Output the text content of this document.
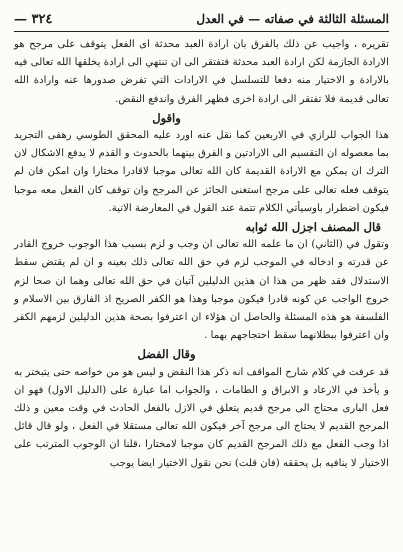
المسئلة الثالثة في صفاته — في العدل
٣٢٤ —

تقريره ، واجيب عن ذلك بالفرق بان ارادة العبد محدثة اى الفعل يتوقف على مرجح هو الارادة الجازمة لكن ارادة العبد محدثة فتفتقر الى ان تنتهي الى ارادة يخلقها الله تعالى فيه بالارادة و الاختيار منه دفعا للتسلسل في الارادات التي تفرض صدورها عنه وارادة الله تعالى قديمة فلا تفتقر الى ارادة اخرى فظهر الفرق واندفع النقض.

واقول

هذا الجواب للرازي في الاربعين كما نقل عنه اورد عليه المحقق الطوسي رهفى التجريد بما معصوله ان التقسيم الى الارادتين و الفرق بينهما بالحدوث و القدم لا يدفع الاشكال لان الترك ان يمكن مع الارادة القديمة كان الله تعالى موجبا لاقادرا مختارا وان امكن فان لم يتوقف فعله تعالى على مرجح استغنى الجائز عن المرجح وان توقف كان الفعل معه موجبا فيكون اضطرار باوسيأتي الكلام تتمة عند القول في المعارضة الاتية.

قال المصنف اجزل الله ثوابه

وتقول في (الثاني) ان ما علمه الله تعالى ان وجب و لزم بسبب هذا الوجوب خروج القادر عن قدرته و ادخاله في الموجب لزم في حق الله تعالى ذلك بعينه و ان لم يقتض سقط الاستدلال فقد ظهر من هذا ان هذين الدليلين آتيان في حق الله تعالى وهما ان صحا لزم خروج الواجب عن كونه قادرا فيكون موجبا وهذا هو الكفر الصريح اذ الفارق بين الاسلام و الفلسفة هو هذه المسئلة والحاصل ان هؤلاء ان اعترفوا بصحة هذين الدليلين لزمهم الكفر وان اعترفوا ببطلانهما سقط احتجاجهم بهما .

وقال الفضل

قد عرفت في كلام شارح المواقف انه ذكر هذا النقض و ليس هو من خواصه حتى يتبختر به و يأخذ في الارعاد و الابراق و الطامات ، والجواب اما عبارة على (الدليل الاول) فهو ان فعل البارى محتاج الى مرجح قديم يتعلق في الازل بالفعل الحادث في وقت معين و ذلك المرجح القديم لا يحتاج الى مرجح آخر فيكون الله تعالى مستقلا في الفعل ، ولو قال قائل اذا وجب الفعل مع ذلك المرجح القديم كان موجبا لامختارا ،قلنا ان الوجوب المترتب على الاختيار لا ينافيه بل يحققه (فان قلت) نحن نقول الاختيار ايضا يوجب
